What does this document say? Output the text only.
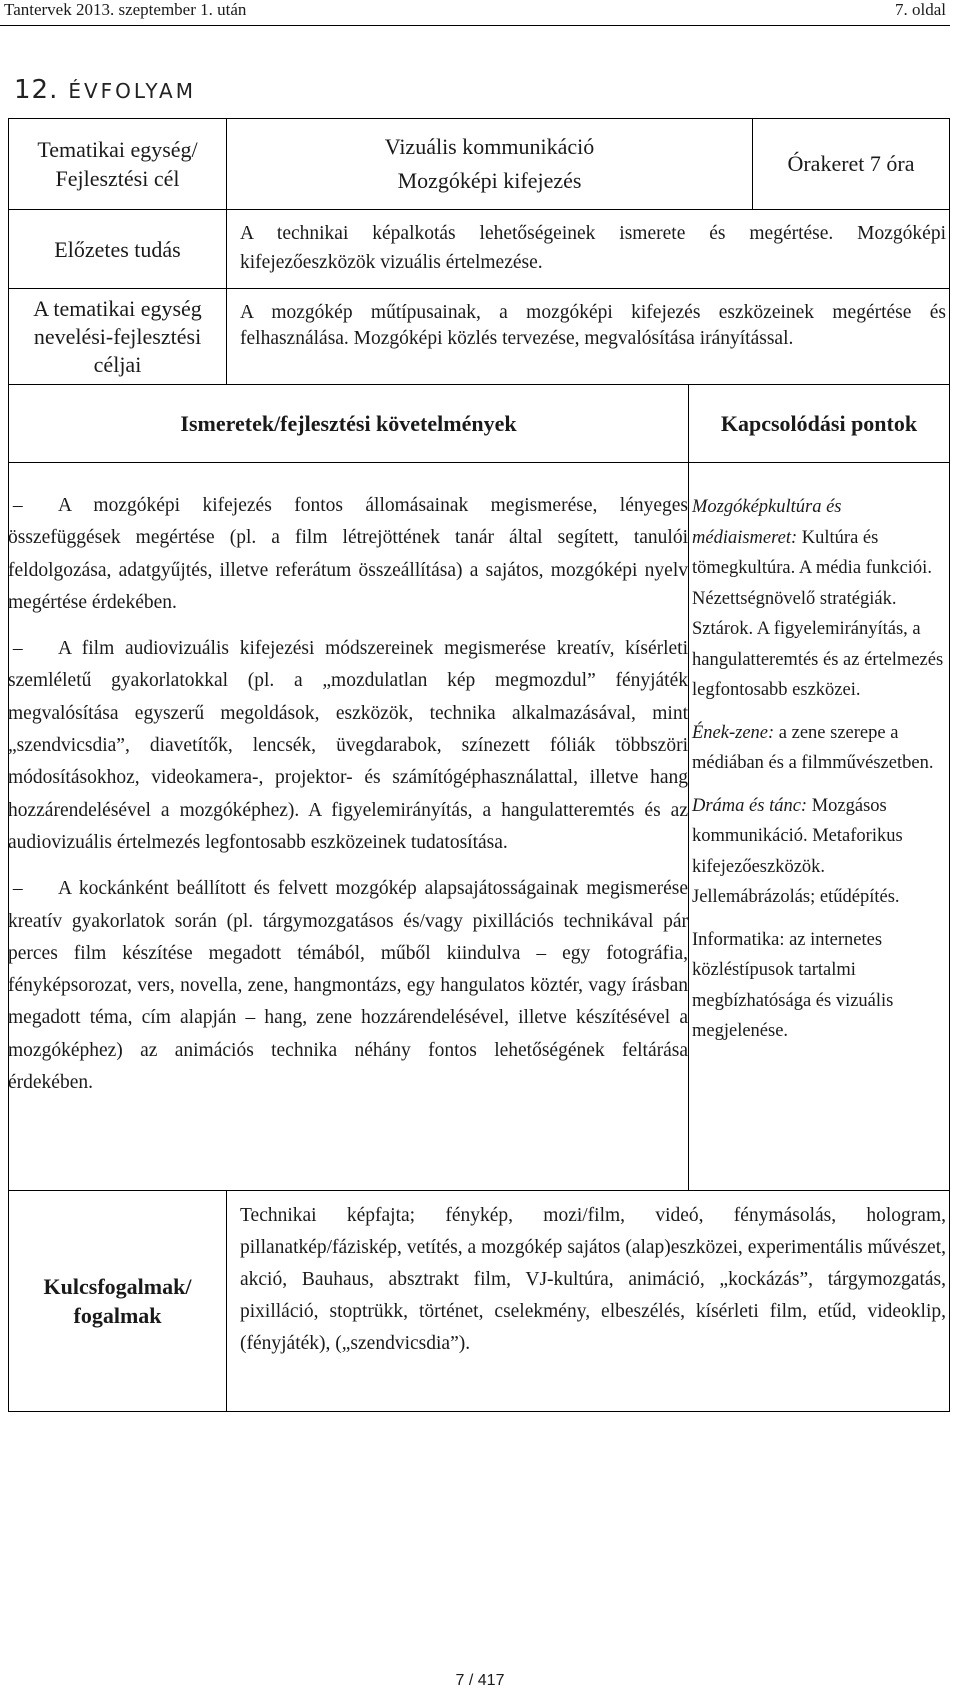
Tantervek 2013. szeptember 1. után	7. oldal
12. ÉVFOLYAM
Tematikai egység/ Fejlesztési cél
Vizuális kommunikáció
Mozgóképi kifejezés
Órakeret 7 óra
Előzetes tudás
A technikai képalkotás lehetőségeinek ismerete és megértése. Mozgóképi kifejezőeszközök vizuális értelmezése.
A tematikai egység nevelési-fejlesztési céljai
A mozgókép műtípusainak, a mozgóképi kifejezés eszközeinek megértése és felhasználása. Mozgóképi közlés tervezése, megvalósítása irányítással.
Ismeretek/fejlesztési követelmények	Kapcsolódási pontok

– A mozgóképi kifejezés fontos állomásainak megismerése, lényeges összefüggések megértése (pl. a film létrejöttének tanár által segített, tanulói feldolgozása, adatgyűjtés, illetve referátum összeállítása) a sajátos, mozgóképi nyelv megértése érdekében.

– A film audiovizuális kifejezési módszereinek megismerése kreatív, kísérleti szemléletű gyakorlatokkal (pl. a „mozdulatlan kép megmozdul” fényjáték megvalósítása egyszerű megoldások, eszközök, technika alkalmazásával, mint „szendvicsdia”, diavetítők, lencsék, üvegdarabok, színezett fóliák többszöri módosításokhoz, videokamera-, projektor- és számítógéphasználattal, illetve hang hozzárendelésével a mozgóképhez). A figyelemirányítás, a hangulatteremtés és az audiovizuális értelmezés legfontosabb eszközeinek tudatosítása.

– A kockánként beállított és felvett mozgókép alapsajátosságainak megismerése kreatív gyakorlatok során (pl. tárgymozgatásos és/vagy pixillációs technikával pár perces film készítése megadott témából, műből kiindulva – egy fotográfia, fényképsorozat, vers, novella, zene, hangmontázs, egy hangulatos köztér, vagy írásban megadott téma, cím alapján – hang, zene hozzárendelésével, illetve készítésével a mozgóképhez) az animációs technika néhány fontos lehetőségének feltárása érdekében.

Mozgóképkultúra és médiaismeret: Kultúra és tömegkultúra. A média funkciói. Nézettségnövelő stratégiák. Sztárok. A figyelemirányítás, a hangulatteremtés és az értelmezés legfontosabb eszközei.

Ének-zene: a zene szerepe a médiában és a filmművészetben.

Dráma és tánc: Mozgásos kommunikáció. Metaforikus kifejezőeszközök. Jellemábrázolás; etűdépítés.

Informatika: az internetes közléstípusok tartalmi megbízhatósága és vizuális megjelenése.

Kulcsfogalmak/ fogalmak
Technikai képfajta; fénykép, mozi/film, videó, fénymásolás, hologram, pillanatkép/fáziskép, vetítés, a mozgókép sajátos (alap)eszközei, experimentális művészet, akció, Bauhaus, absztrakt film, VJ-kultúra, animáció, „kockázás”, tárgymozgatás, pixilláció, stoptrükk, történet, cselekmény, elbeszélés, kísérleti film, etűd, videoklip, (fényjáték), („szendvicsdia”).
7 / 417
